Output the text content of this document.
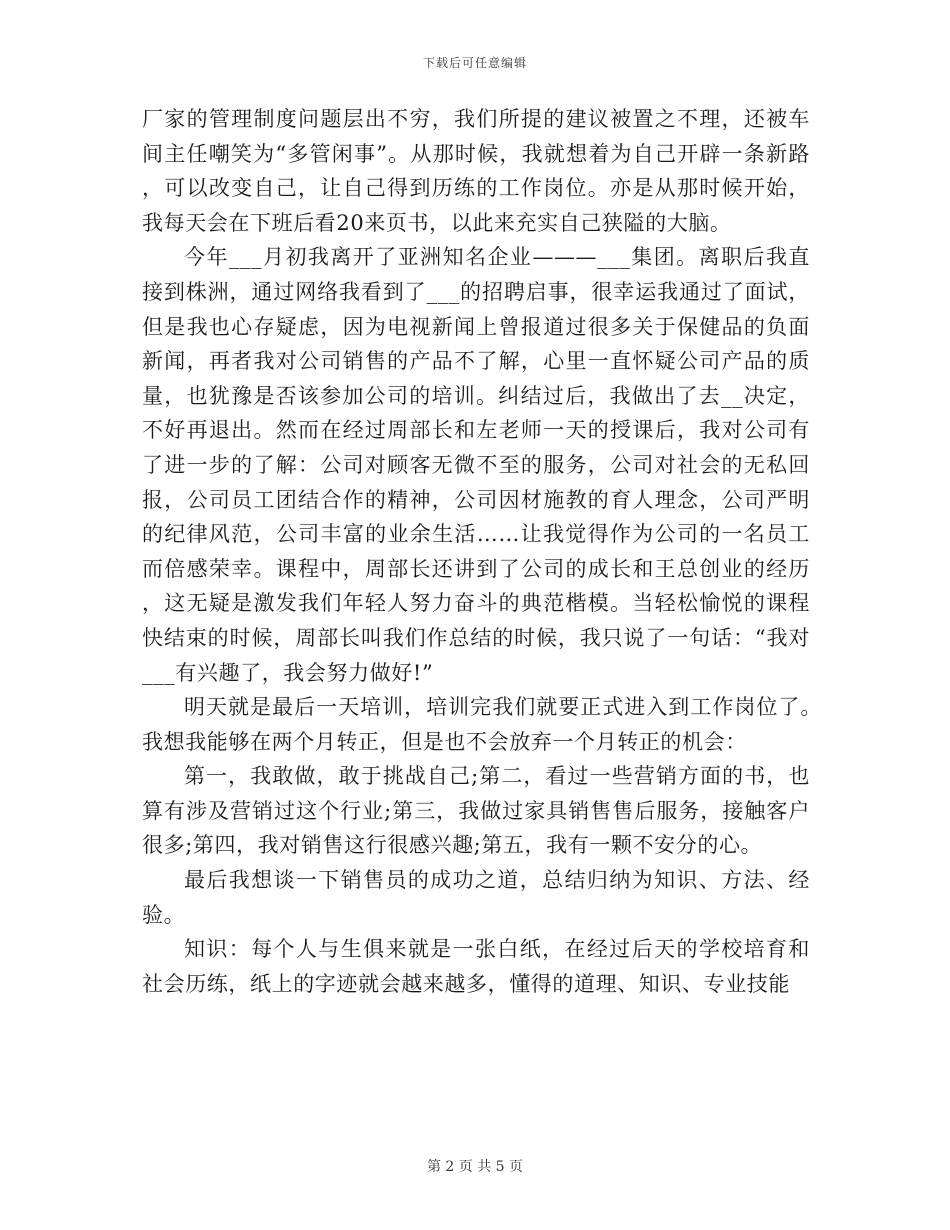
下载后可任意编辑

厂家的管理制度问题层出不穷，我们所提的建议被置之不理，还被车间主任嘲笑为“多管闲事”。从那时候，我就想着为自己开辟一条新路，可以改变自己，让自己得到历练的工作岗位。亦是从那时候开始，我每天会在下班后看20来页书，以此来充实自己狭隘的大脑。

今年___月初我离开了亚洲知名企业———___集团。离职后我直接到株洲，通过网络我看到了___的招聘启事，很幸运我通过了面试，但是我也心存疑虑，因为电视新闻上曾报道过很多关于保健品的负面新闻，再者我对公司销售的产品不了解，心里一直怀疑公司产品的质量，也犹豫是否该参加公司的培训。纠结过后，我做出了去__决定，不好再退出。然而在经过周部长和左老师一天的授课后，我对公司有了进一步的了解：公司对顾客无微不至的服务，公司对社会的无私回报，公司员工团结合作的精神，公司因材施教的育人理念，公司严明的纪律风范，公司丰富的业余生活……让我觉得作为公司的一名员工而倍感荣幸。课程中，周部长还讲到了公司的成长和王总创业的经历，这无疑是激发我们年轻人努力奋斗的典范楷模。当轻松愉悦的课程快结束的时候，周部长叫我们作总结的时候，我只说了一句话：“我对___有兴趣了，我会努力做好!”

明天就是最后一天培训，培训完我们就要正式进入到工作岗位了。我想我能够在两个月转正，但是也不会放弃一个月转正的机会：

第一，我敢做，敢于挑战自己;第二，看过一些营销方面的书，也算有涉及营销过这个行业;第三，我做过家具销售售后服务，接触客户很多;第四，我对销售这行很感兴趣;第五，我有一颗不安分的心。

最后我想谈一下销售员的成功之道，总结归纳为知识、方法、经验。

知识：每个人与生俱来就是一张白纸，在经过后天的学校培育和社会历练，纸上的字迹就会越来越多，懂得的道理、知识、专业技能

第 2 页 共 5 页
